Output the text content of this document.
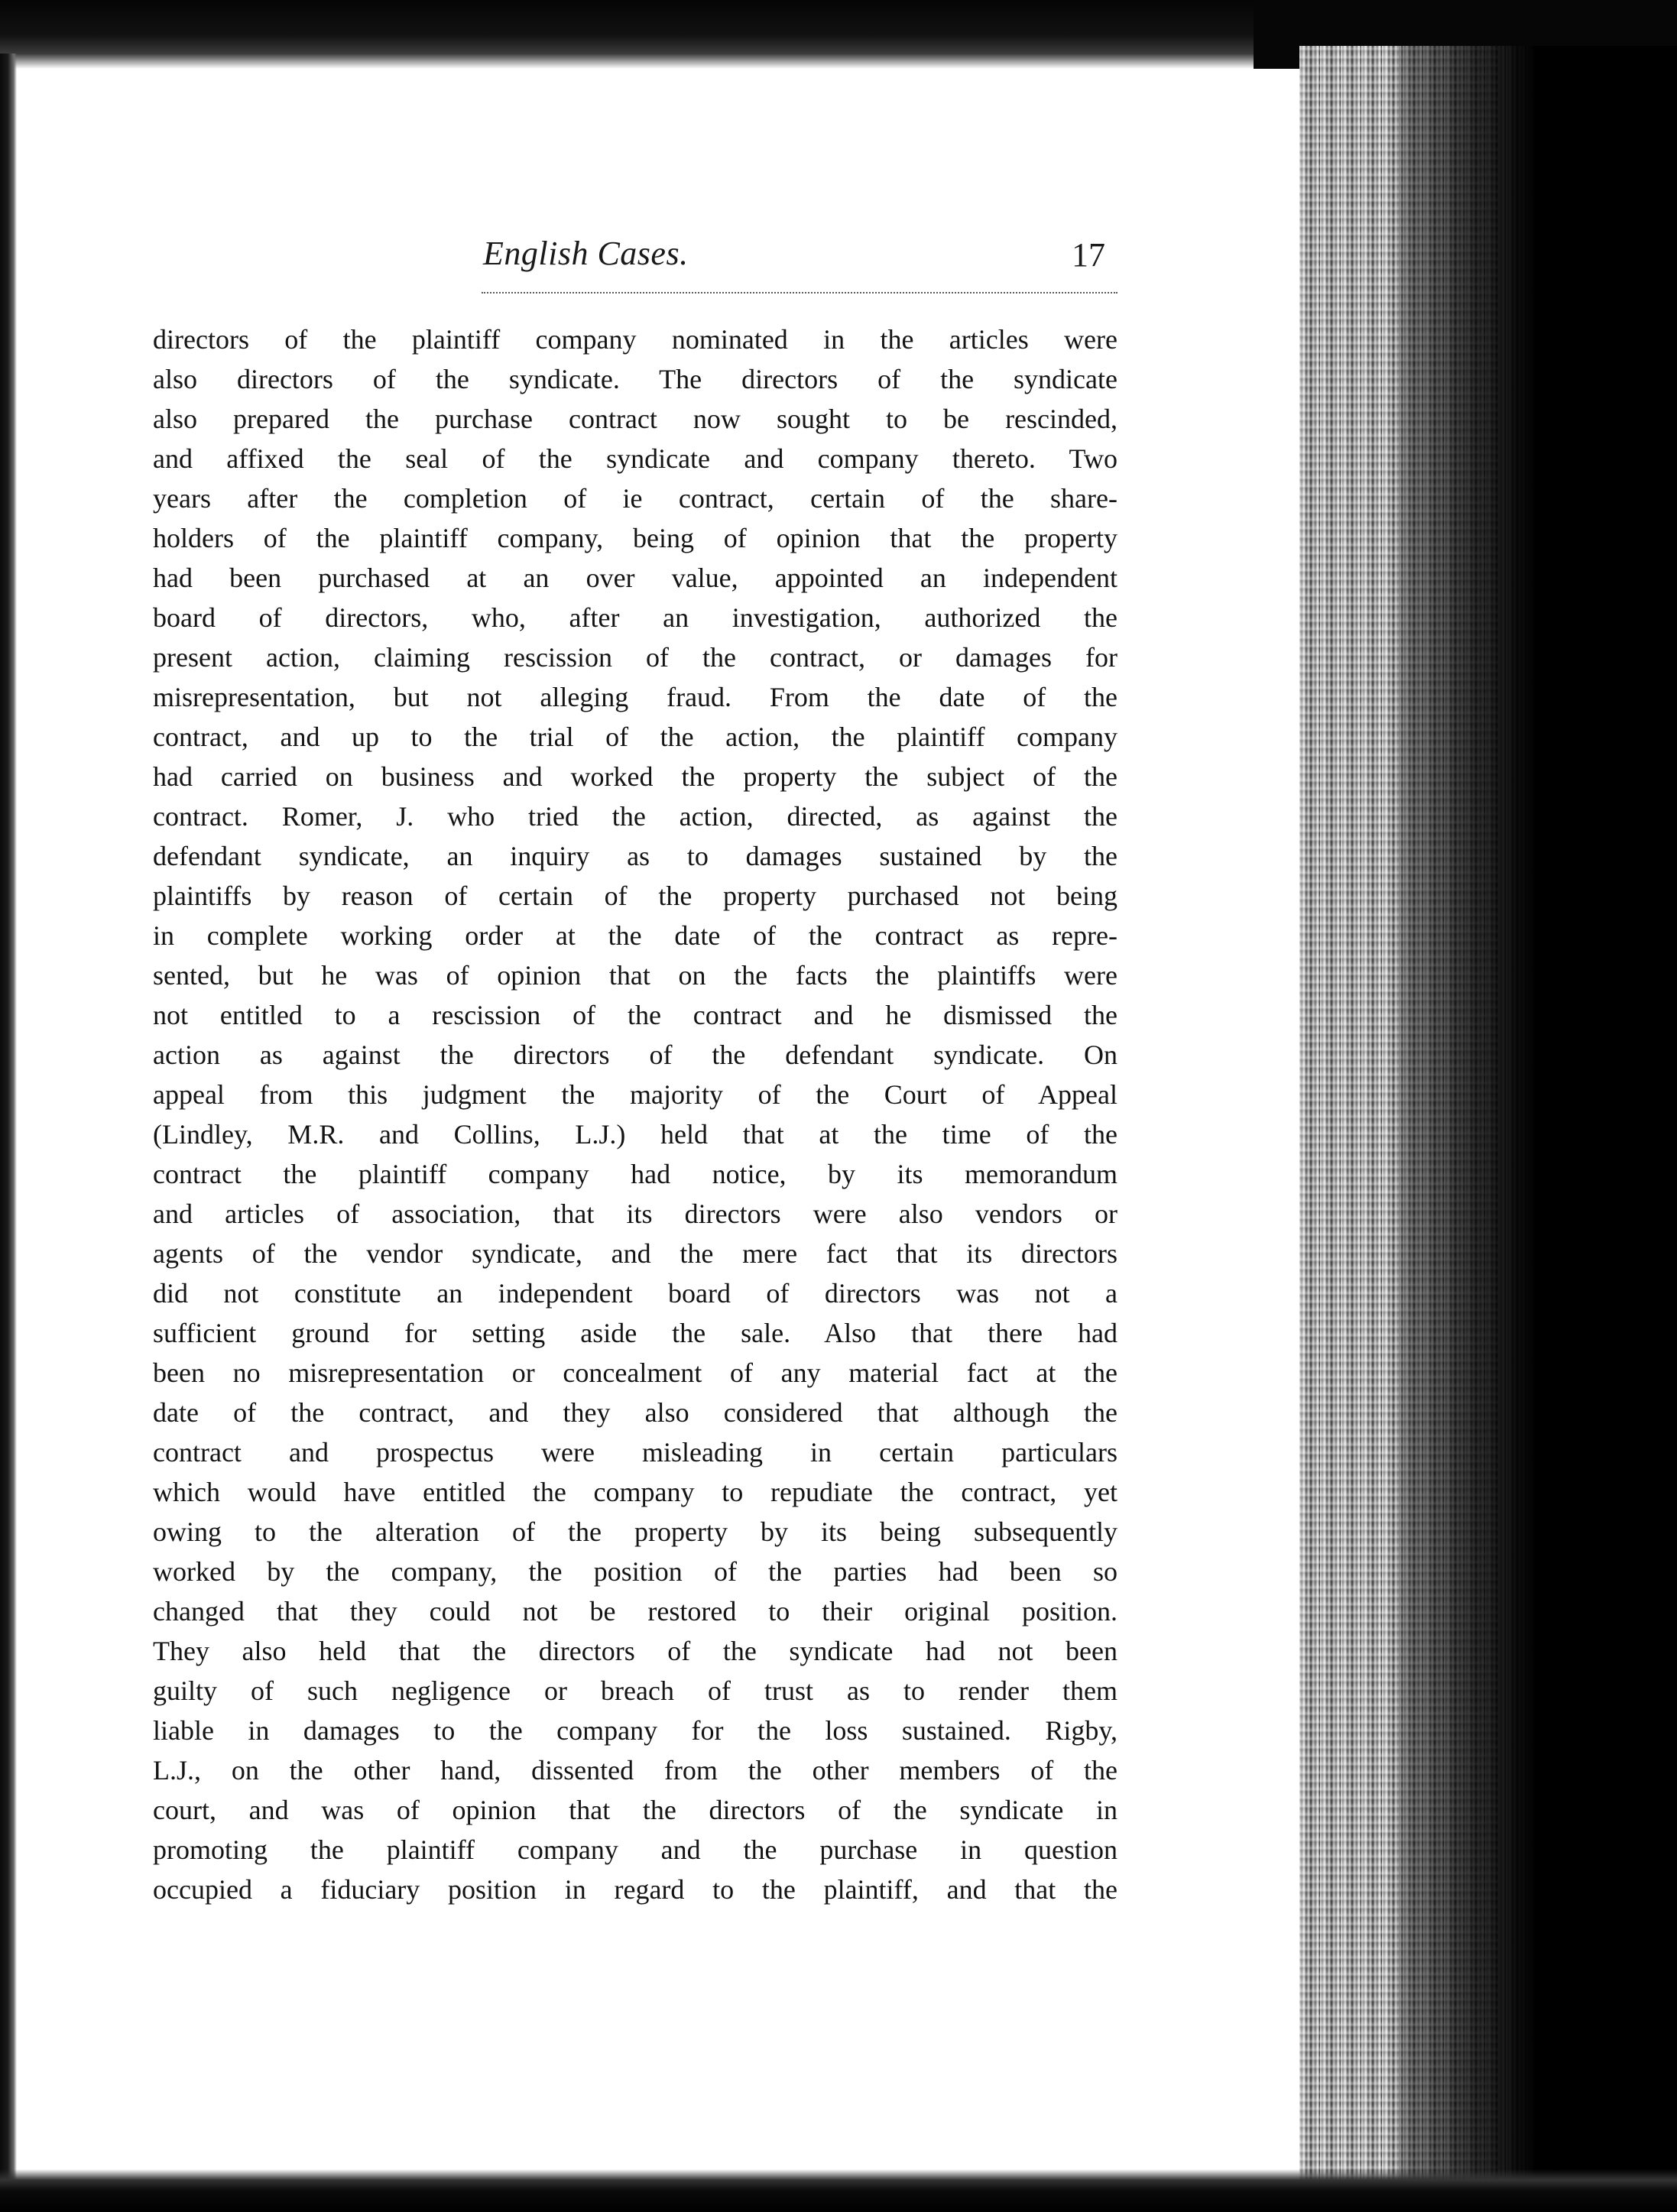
English Cases.	17
directors of the plaintiff company nominated in the articles were
also directors of the syndicate. The directors of the syndicate
also prepared the purchase contract now sought to be rescinded,
and affixed the seal of the syndicate and company thereto. Two
years after the completion of ie contract, certain of the share-
holders of the plaintiff company, being of opinion that the property
had been purchased at an over value, appointed an independent
board of directors, who, after an investigation, authorized the
present action, claiming rescission of the contract, or damages for
misrepresentation, but not alleging fraud. From the date of the
contract, and up to the trial of the action, the plaintiff company
had carried on business and worked the property the subject of the
contract. Romer, J. who tried the action, directed, as against the
defendant syndicate, an inquiry as to damages sustained by the
plaintiffs by reason of certain of the property purchased not being
in complete working order at the date of the contract as repre-
sented, but he was of opinion that on the facts the plaintiffs were
not entitled to a rescission of the contract and he dismissed the
action as against the directors of the defendant syndicate. On
appeal from this judgment the majority of the Court of Appeal
(Lindley, M.R. and Collins, L.J.) held that at the time of the
contract the plaintiff company had notice, by its memorandum
and articles of association, that its directors were also vendors or
agents of the vendor syndicate, and the mere fact that its directors
did not constitute an independent board of directors was not a
sufficient ground for setting aside the sale. Also that there had
been no misrepresentation or concealment of any material fact at the
date of the contract, and they also considered that although the
contract and prospectus were misleading in certain particulars
which would have entitled the company to repudiate the contract, yet
owing to the alteration of the property by its being subsequently
worked by the company, the position of the parties had been so
changed that they could not be restored to their original position.
They also held that the directors of the syndicate had not been
guilty of such negligence or breach of trust as to render them
liable in damages to the company for the loss sustained. Rigby,
L.J., on the other hand, dissented from the other members of the
court, and was of opinion that the directors of the syndicate in
promoting the plaintiff company and the purchase in question
occupied a fiduciary position in regard to the plaintiff, and that the
